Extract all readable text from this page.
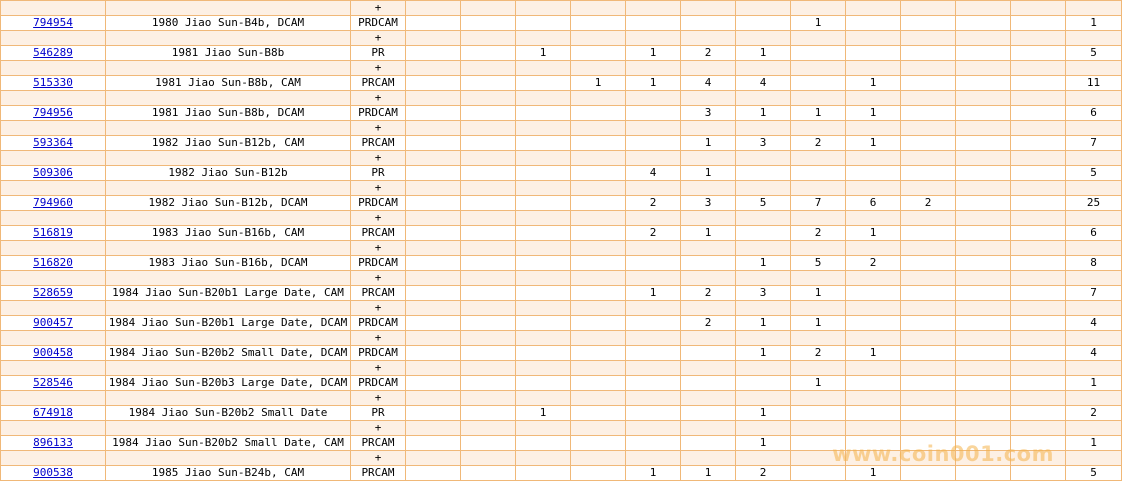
		+													
794954	1980 Jiao Sun-B4b, DCAM	PRDCAM								1					1
		+													
546289	1981 Jiao Sun-B8b	PR			1		1	2	1						5
		+													
515330	1981 Jiao Sun-B8b, CAM	PRCAM				1	1	4	4		1				11
		+													
794956	1981 Jiao Sun-B8b, DCAM	PRDCAM						3	1	1	1				6
		+													
593364	1982 Jiao Sun-B12b, CAM	PRCAM						1	3	2	1				7
		+													
509306	1982 Jiao Sun-B12b	PR					4	1							5
		+													
794960	1982 Jiao Sun-B12b, DCAM	PRDCAM					2	3	5	7	6	2			25
		+													
516819	1983 Jiao Sun-B16b, CAM	PRCAM					2	1		2	1				6
		+													
516820	1983 Jiao Sun-B16b, DCAM	PRDCAM							1	5	2				8
		+													
528659	1984 Jiao Sun-B20b1 Large Date, CAM	PRCAM					1	2	3	1					7
		+													
900457	1984 Jiao Sun-B20b1 Large Date, DCAM	PRDCAM						2	1	1					4
		+													
900458	1984 Jiao Sun-B20b2 Small Date, DCAM	PRDCAM							1	2	1				4
		+													
528546	1984 Jiao Sun-B20b3 Large Date, DCAM	PRDCAM								1					1
		+													
674918	1984 Jiao Sun-B20b2 Small Date	PR			1				1						2
		+													
896133	1984 Jiao Sun-B20b2 Small Date, CAM	PRCAM							1						1
		+													
900538	1985 Jiao Sun-B24b, CAM	PRCAM					1	1	2		1				5
www.coin001.com
